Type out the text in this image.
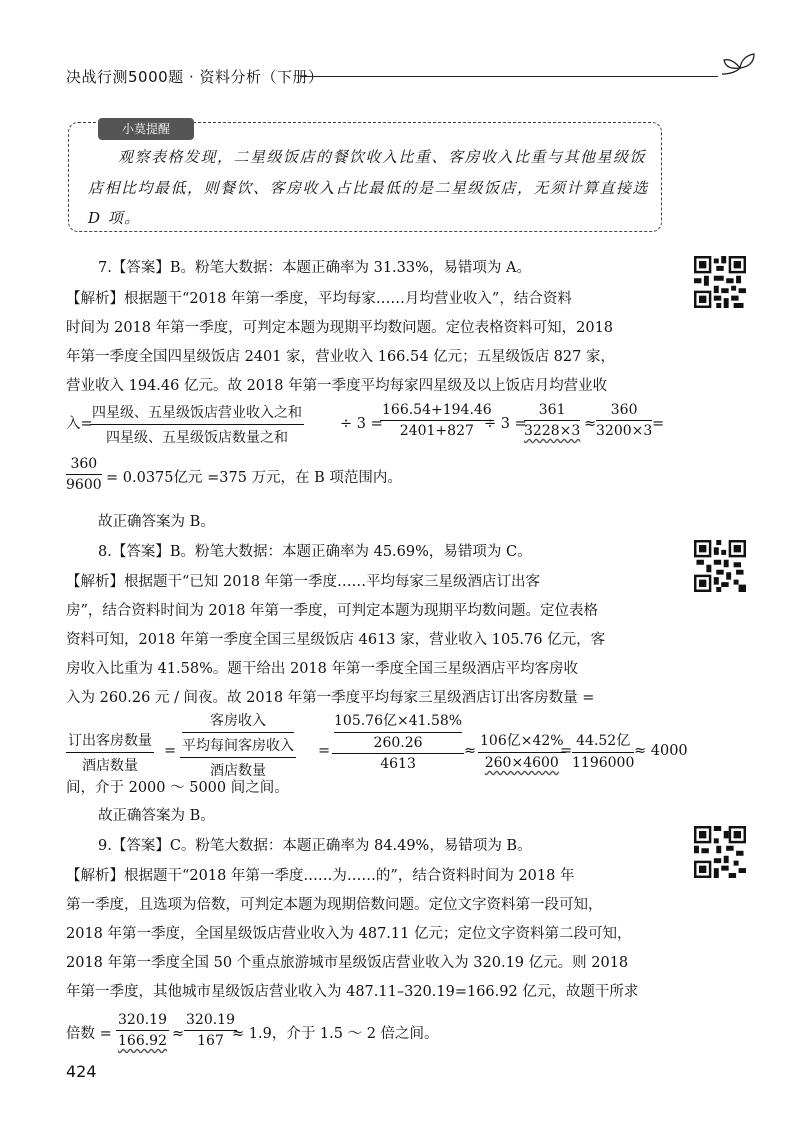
决战行测5000题 · 资料分析（下册）
小莫提醒
观察表格发现，二星级饭店的餐饮收入比重、客房收入比重与其他星级饭
店相比均最低，则餐饮、客房收入占比最低的是二星级饭店，无须计算直接选
D 项。
7.【答案】B。粉笔大数据：本题正确率为 31.33%，易错项为 A。
【解析】根据题干“2018 年第一季度，平均每家……月均营业收入”，结合资料
时间为 2018 年第一季度，可判定本题为现期平均数问题。定位表格资料可知，2018
年第一季度全国四星级饭店 2401 家，营业收入 166.54 亿元；五星级饭店 827 家，
营业收入 194.46 亿元。故 2018 年第一季度平均每家四星级及以上饭店月均营业收
入=
四星级、五星级饭店营业收入之和
四星级、五星级饭店数量之和
÷ 3 =
$\frac{166.54+194.46}{2401+827}$
÷ 3 =
$\frac{361}{3228\times 3} \approx \frac{360}{3200\times 3}$ =
$\frac{360}{9600} = 0.0375$亿元 =375 万元，在 B 项范围内。
故正确答案为 B。
8.【答案】B。粉笔大数据：本题正确率为 45.69%，易错项为 C。
【解析】根据题干“已知 2018 年第一季度……平均每家三星级酒店订出客
房”，结合资料时间为 2018 年第一季度，可判定本题为现期平均数问题。定位表格
资料可知，2018 年第一季度全国三星级饭店 4613 家，营业收入 105.76 亿元，客
房收入比重为 41.58%。题干给出 2018 年第一季度全国三星级酒店平均客房收
入为 260.26 元 / 间夜。故 2018 年第一季度平均每家三星级酒店订出客房数量 =
订出客房数量
酒店数量
=
客房收入
平均每间客房收入
酒店数量
=
105.76亿×41.58%
260.26
4613
≈
106亿×42%
260×4600
=
44.52亿
1196000
≈ 4000
间，介于 2000 ～ 5000 间之间。
故正确答案为 B。
9.【答案】C。粉笔大数据：本题正确率为 84.49%，易错项为 B。
【解析】根据题干“2018 年第一季度……为……的”，结合资料时间为 2018 年
第一季度，且选项为倍数，可判定本题为现期倍数问题。定位文字资料第一段可知，
2018 年第一季度，全国星级饭店营业收入为 487.11 亿元；定位文字资料第二段可知，
2018 年第一季度全国 50 个重点旅游城市星级饭店营业收入为 320.19 亿元。则 2018
年第一季度，其他城市星级饭店营业收入为 487.11–320.19=166.92 亿元，故题干所求
倍数 = $\frac{320.19}{166.92} \approx \frac{320.19}{167}$
≈ 1.9，介于 1.5 ～ 2 倍之间。
424
